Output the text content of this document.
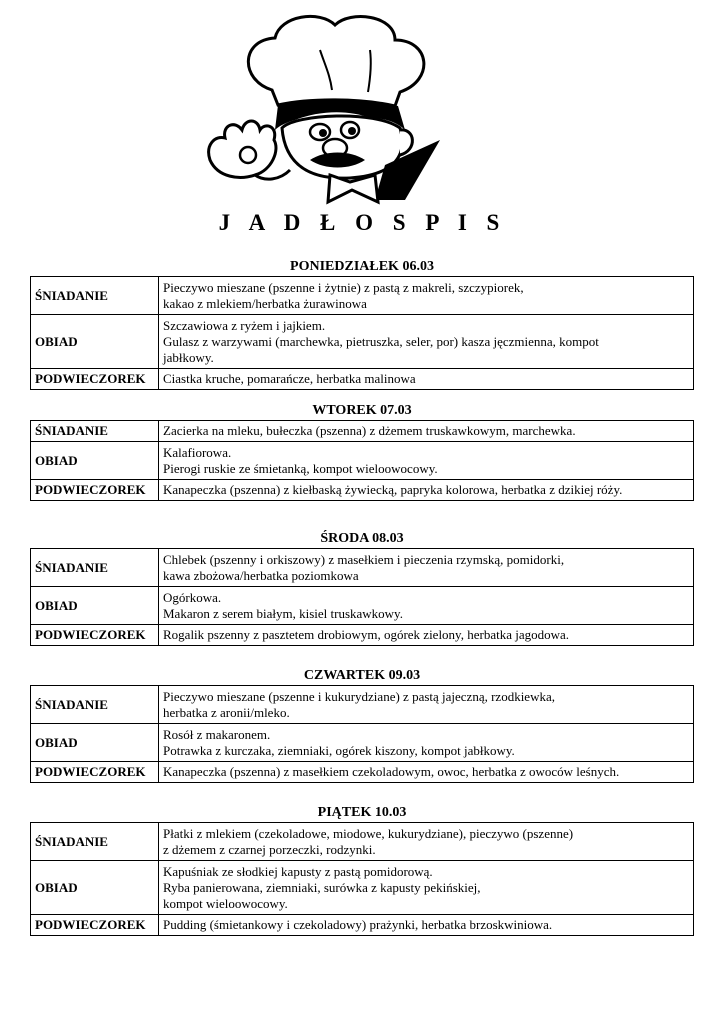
J A D Ł O S P I S
PONIEDZIAŁEK 06.03
ŚNIADANIE	Pieczywo mieszane (pszenne i żytnie) z pastą z makreli, szczypiorek,
kakao z mlekiem/herbatka żurawinowa

OBIAD	Szczawiowa z ryżem i jajkiem.
Gulasz z warzywami (marchewka, pietruszka, seler, por) kasza jęczmienna, kompot
jabłkowy.

PODWIECZOREK	Ciastka kruche, pomarańcze, herbatka malinowa
WTOREK 07.03
ŚNIADANIE	Zacierka na mleku, bułeczka (pszenna) z dżemem truskawkowym, marchewka.

OBIAD	Kalafiorowa.
Pierogi ruskie ze śmietanką, kompot wieloowocowy.

PODWIECZOREK	Kanapeczka (pszenna) z kiełbaską żywiecką, papryka kolorowa, herbatka z dzikiej róży.
ŚRODA 08.03
ŚNIADANIE	Chlebek (pszenny i orkiszowy) z masełkiem i pieczenia rzymską, pomidorki,
kawa zbożowa/herbatka poziomkowa

OBIAD	Ogórkowa.
Makaron z serem białym, kisiel truskawkowy.

PODWIECZOREK	Rogalik pszenny z pasztetem drobiowym, ogórek zielony, herbatka jagodowa.
CZWARTEK 09.03
ŚNIADANIE	Pieczywo mieszane (pszenne i kukurydziane) z pastą jajeczną, rzodkiewka,
herbatka z aronii/mleko.

OBIAD	Rosół z makaronem.
Potrawka z kurczaka, ziemniaki, ogórek kiszony, kompot jabłkowy.

PODWIECZOREK	Kanapeczka (pszenna) z masełkiem czekoladowym, owoc, herbatka z owoców leśnych.
PIĄTEK 10.03
ŚNIADANIE	Płatki z mlekiem (czekoladowe, miodowe, kukurydziane), pieczywo (pszenne)
z dżemem z czarnej porzeczki, rodzynki.

OBIAD	Kapuśniak ze słodkiej kapusty z pastą pomidorową.
Ryba panierowana, ziemniaki, surówka z kapusty pekińskiej,
kompot wieloowocowy.

PODWIECZOREK	Pudding (śmietankowy i czekoladowy) prażynki, herbatka brzoskwiniowa.
